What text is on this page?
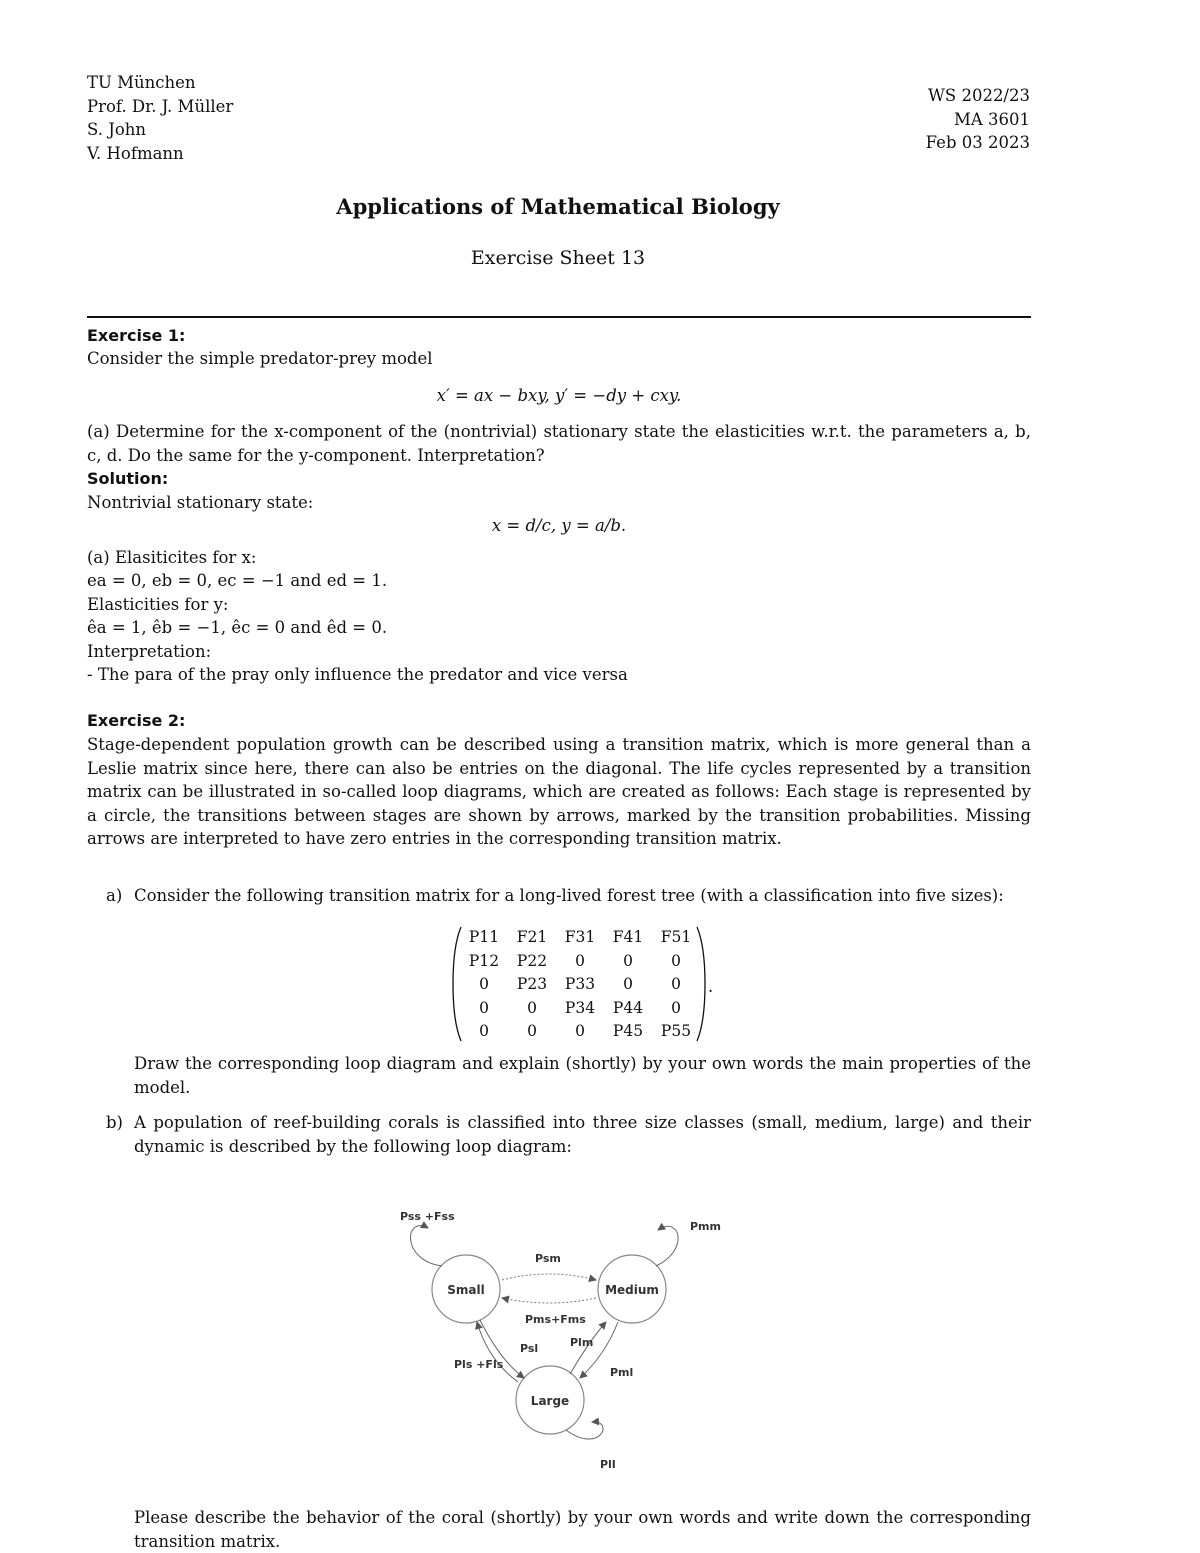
TU München
Prof. Dr. J. Müller
S. John
V. Hofmann
WS 2022/23
MA 3601
Feb 03 2023
Applications of Mathematical Biology
Exercise Sheet 13
Exercise 1:
Consider the simple predator-prey model
x′ = ax − bxy, y′ = −dy + cxy.
(a) Determine for the x-component of the (nontrivial) stationary state the elasticities w.r.t. the parameters a, b, c, d. Do the same for the y-component. Interpretation?
Solution:
Nontrivial stationary state:
x = d/c, y = a/b.
(a) Elasiticites for x:
ea = 0, eb = 0, ec = −1 and ed = 1.
Elasticities for y:
êa = 1, êb = −1, êc = 0 and êd = 0.
Interpretation:
- The para of the pray only influence the predator and vice versa
Exercise 2:
Stage-dependent population growth can be described using a transition matrix, which is more general than a Leslie matrix since here, there can also be entries on the diagonal. The life cycles represented by a transition matrix can be illustrated in so-called loop diagrams, which are created as follows: Each stage is represented by a circle, the transitions between stages are shown by arrows, marked by the transition probabilities. Missing arrows are interpreted to have zero entries in the corresponding transition matrix.
a) Consider the following transition matrix for a long-lived forest tree (with a classification into five sizes):
P11	F21	F31	F41	F51
P12	P22	0	0	0
0	P23	P33	0	0
0	0	P34	P44	0
0	0	0	P45	P55
.
Draw the corresponding loop diagram and explain (shortly) by your own words the main properties of the model.
b) A population of reef-building corals is classified into three size classes (small, medium, large) and their dynamic is described by the following loop diagram:
Small	Medium
Large
Pss +Fss
Pmm
Psm
Pms+Fms
Psl	Plm
Pls +Fls
Pml
Pll
Please describe the behavior of the coral (shortly) by your own words and write down the corresponding transition matrix.
